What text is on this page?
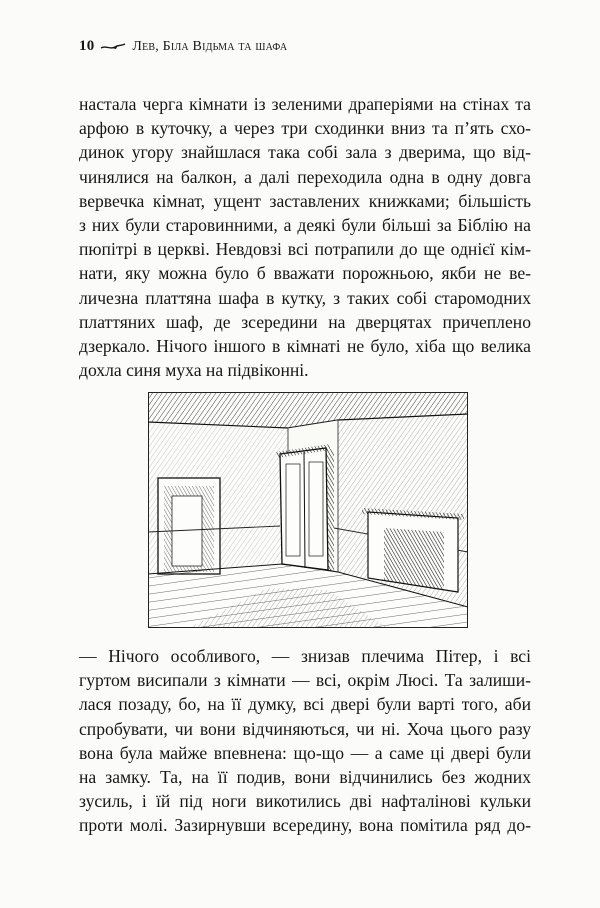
10	Лев, Біла Відьма та шафа
настала черга кімнати із зеленими драперіями на стінах та
арфою в куточку, а через три сходинки вниз та п’ять схо-
динок угору знайшлася така собі зала з дверима, що від-
чинялися на балкон, а далі переходила одна в одну довга
вервечка кімнат, ущент заставлених книжками; більшість
з них були старовинними, а деякі були більші за Біблію на
пюпітрі в церкві. Невдовзі всі потрапили до ще однієї кім-
нати, яку можна було б вважати порожньою, якби не ве-
личезна платтяна шафа в кутку, з таких собі старомодних
платтяних шаф, де зсередини на дверцятах причеплено
дзеркало. Нічого іншого в кімнаті не було, хіба що велика
дохла синя муха на підвіконні.
— Нічого особливого, — знизав плечима Пітер, і всі
гуртом висипали з кімнати — всі, окрім Люсі. Та залиши-
лася позаду, бо, на її думку, всі двері були варті того, аби
спробувати, чи вони відчиняються, чи ні. Хоча цього разу
вона була майже впевнена: що-що — а саме ці двері були
на замку. Та, на її подив, вони відчинились без жодних
зусиль, і їй під ноги викотились дві нафталінові кульки
проти молі. Зазирнувши всередину, вона помітила ряд до-
